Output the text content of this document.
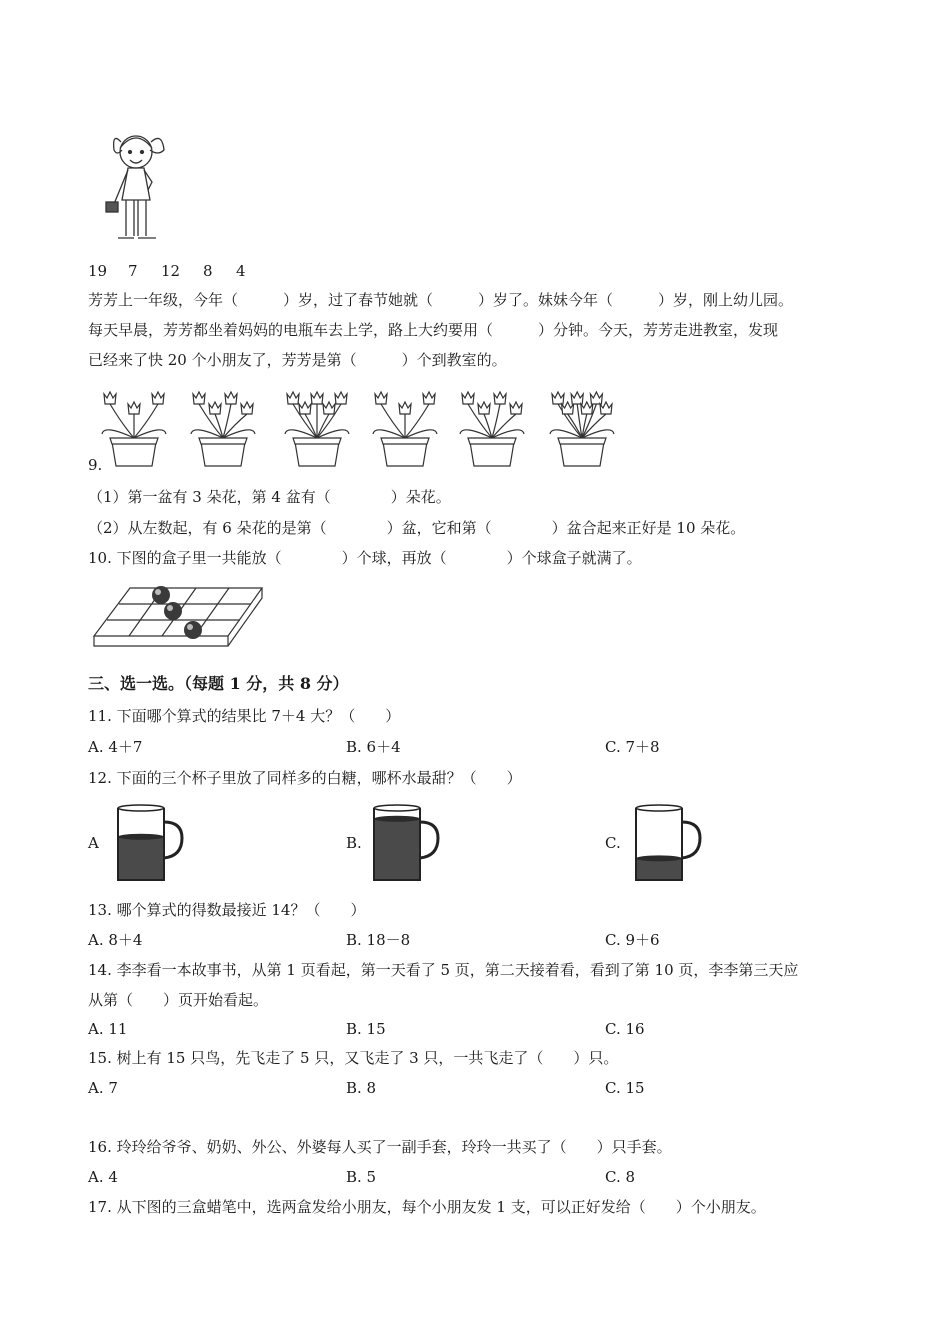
19 7 12 8 4
芳芳上一年级，今年（　　　）岁，过了春节她就（　　　）岁了。妹妹今年（　　　）岁，刚上幼儿园。
每天早晨，芳芳都坐着妈妈的电瓶车去上学，路上大约要用（　　　）分钟。今天，芳芳走进教室，发现
已经来了快 20 个小朋友了，芳芳是第（　　　）个到教室的。
9.
（1）第一盆有 3 朵花，第 4 盆有（　　　　）朵花。
（2）从左数起，有 6 朵花的是第（　　　　）盆，它和第（　　　　）盆合起来正好是 10 朵花。
10. 下图的盒子里一共能放（　　　　）个球，再放（　　　　）个球盒子就满了。
三、选一选。（每题 1 分，共 8 分）
11. 下面哪个算式的结果比 7＋4 大？（　　）
A. 4＋7	B. 6＋4	C. 7＋8
12. 下面的三个杯子里放了同样多的白糖，哪杯水最甜？（　　）
A	B.	C.
13. 哪个算式的得数最接近 14？（　　）
A. 8＋4	B. 18－8	C. 9＋6
14. 李李看一本故事书，从第 1 页看起，第一天看了 5 页，第二天接着看，看到了第 10 页，李李第三天应
从第（　　）页开始看起。
A. 11	B. 15	C. 16
15. 树上有 15 只鸟，先飞走了 5 只，又飞走了 3 只，一共飞走了（　　）只。
A. 7	B. 8	C. 15
16. 玲玲给爷爷、奶奶、外公、外婆每人买了一副手套，玲玲一共买了（　　）只手套。
A. 4	B. 5	C. 8
17. 从下图的三盒蜡笔中，选两盒发给小朋友，每个小朋友发 1 支，可以正好发给（　　）个小朋友。
